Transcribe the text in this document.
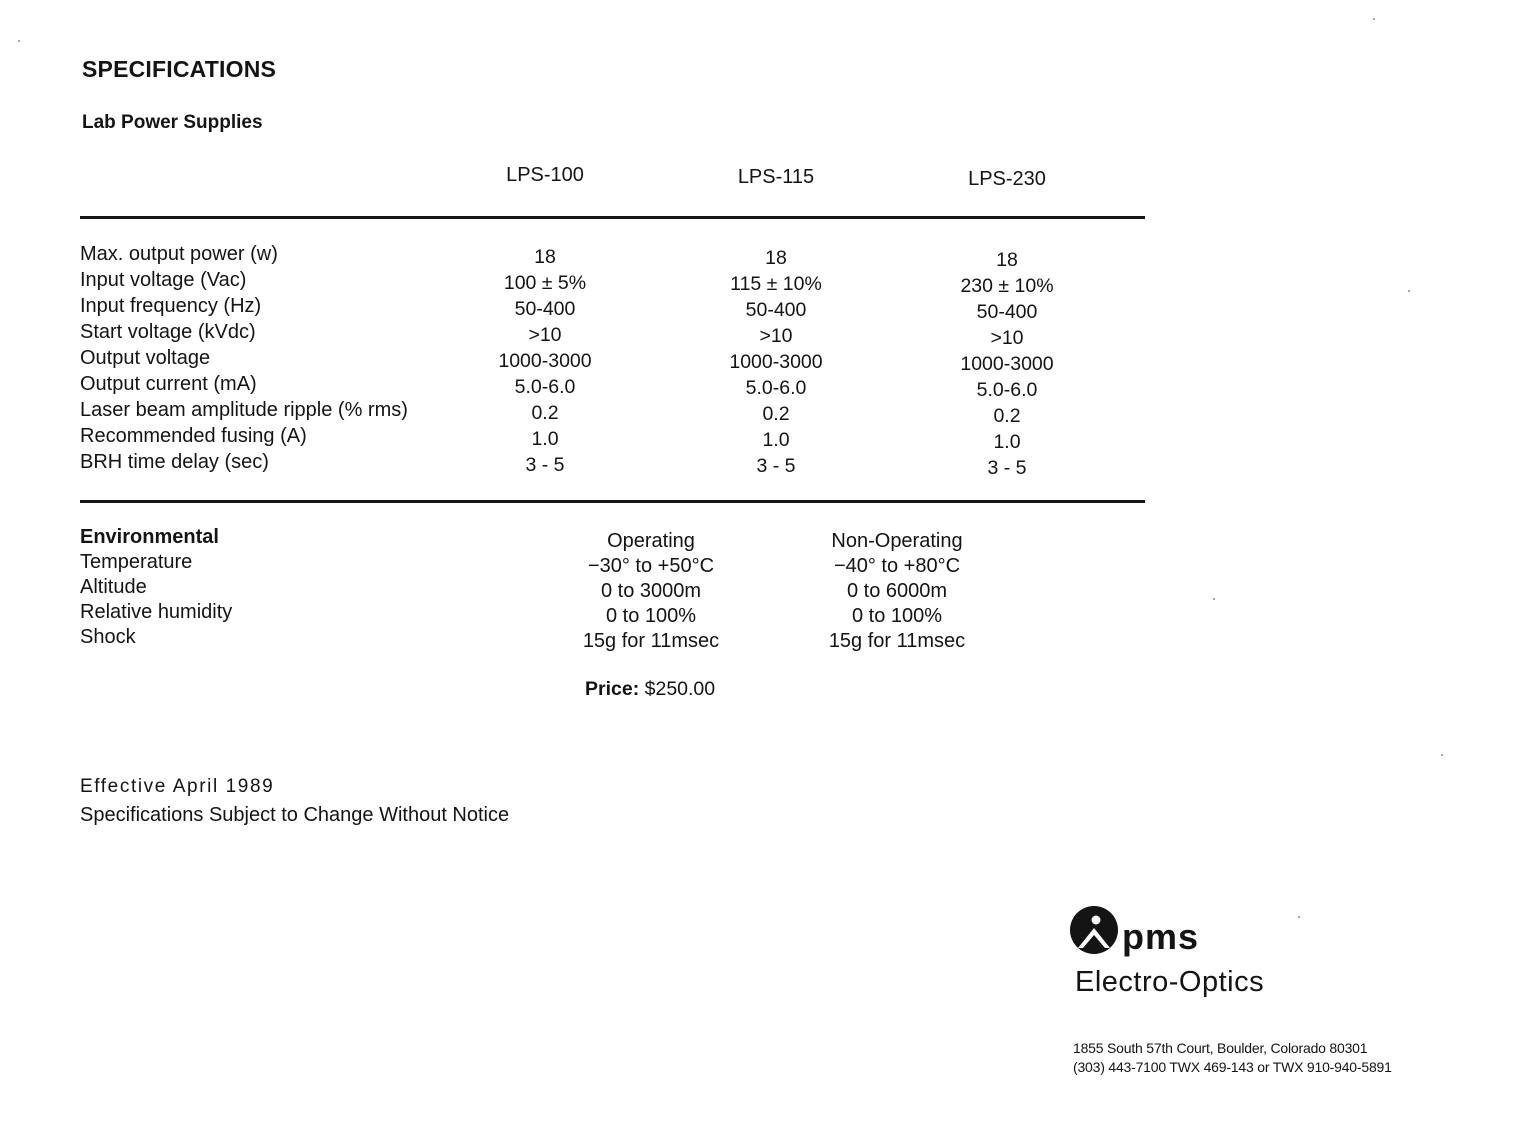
SPECIFICATIONS
Lab Power Supplies
LPS-100	LPS-115	LPS-230
Max. output power (w)
Input voltage (Vac)
Input frequency (Hz)
Start voltage (kVdc)
Output voltage
Output current (mA)
Laser beam amplitude ripple (% rms)
Recommended fusing (A)
BRH time delay (sec)
18
100 ± 5%
50-400
>10
1000-3000
5.0-6.0
0.2
1.0
3 - 5
18
115 ± 10%
50-400
>10
1000-3000
5.0-6.0
0.2
1.0
3 - 5
18
230 ± 10%
50-400
>10
1000-3000
5.0-6.0
0.2
1.0
3 - 5
Environmental
Temperature
Altitude
Relative humidity
Shock
Operating
−30° to +50°C
0 to 3000m
0 to 100%
15g for 11msec
Non-Operating
−40° to +80°C
0 to 6000m
0 to 100%
15g for 11msec
Price: $250.00
Effective April 1989
Specifications Subject to Change Without Notice
pms
Electro-Optics
1855 South 57th Court, Boulder, Colorado 80301
(303) 443-7100 TWX 469-143 or TWX 910-940-5891
